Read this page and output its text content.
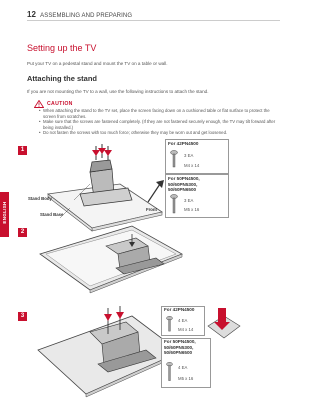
12 ASSEMBLING AND PREPARING
ENGLISH
Setting up the TV
Put your TV on a pedestal stand and mount the TV on a table or wall.
Attaching the stand
If you are not mounting the TV to a wall, use the following instructions to attach the stand.
CAUTION
• When attaching the stand to the TV set, place the screen facing down on a cushioned table or flat surface to protect the screen from scratches.
• Make sure that the screws are fastened completely. (If they are not fastened securely enough, the TV may tilt forward after being installed.)
• Do not fasten the screws with too much force; otherwise they may be worn out and get loosened.
1
Stand Body
Stand Base
Front
For 42PN4500
3 EA
M4 x 14
For 50PN4500, 50/60PN5300, 50/60PN6500
3 EA
M5 x 16
2
3
For 42PN4500
4 EA
M4 x 14
For 50PN4500, 50/60PN5300, 50/60PN6500
4 EA
M5 x 16
